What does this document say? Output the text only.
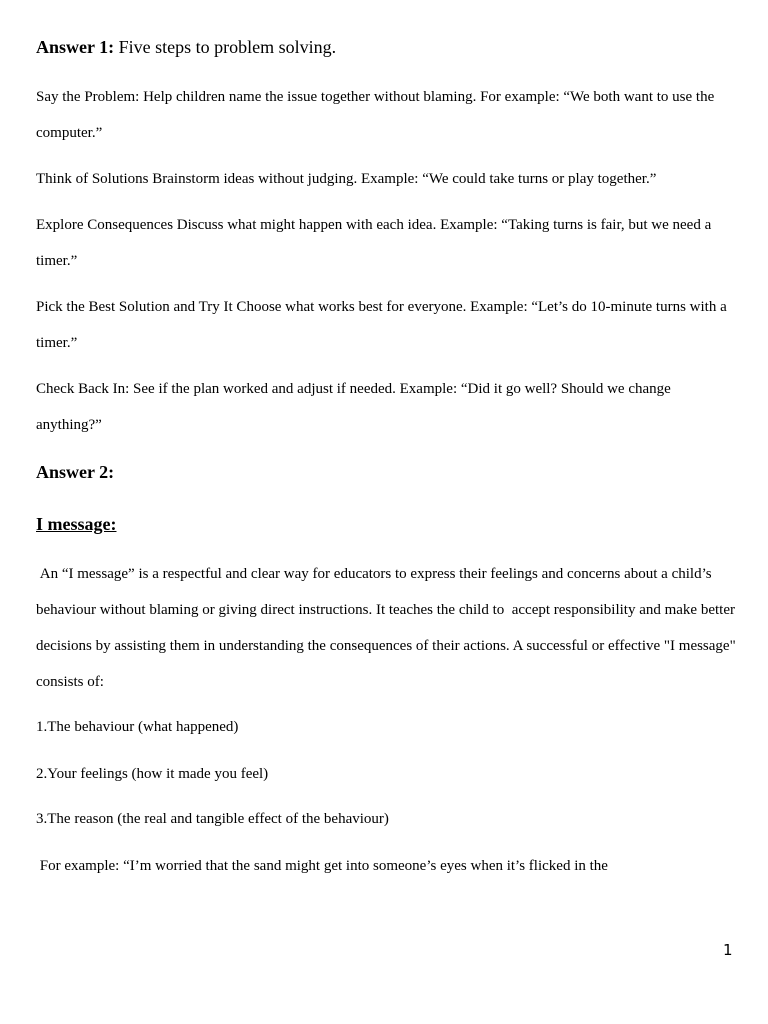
Answer 1: Five steps to problem solving.

Say the Problem: Help children name the issue together without blaming. For example: “We both want to use the computer.”

Think of Solutions Brainstorm ideas without judging. Example: “We could take turns or play together.”

Explore Consequences Discuss what might happen with each idea. Example: “Taking turns is fair, but we need a timer.”

Pick the Best Solution and Try It Choose what works best for everyone. Example: “Let’s do 10-minute turns with a timer.”

Check Back In: See if the plan worked and adjust if needed. Example: “Did it go well? Should we change anything?”

Answer 2:
I message:

An “I message” is a respectful and clear way for educators to express their feelings and concerns about a child’s behaviour without blaming or giving direct instructions. It teaches the child to  accept responsibility and make better decisions by assisting them in understanding the consequences of their actions. A successful or effective "I message" consists of:

1.The behaviour (what happened)

2.Your feelings (how it made you feel)

3.The reason (the real and tangible effect of the behaviour)

For example: “I’m worried that the sand might get into someone’s eyes when it’s flicked in the

1
